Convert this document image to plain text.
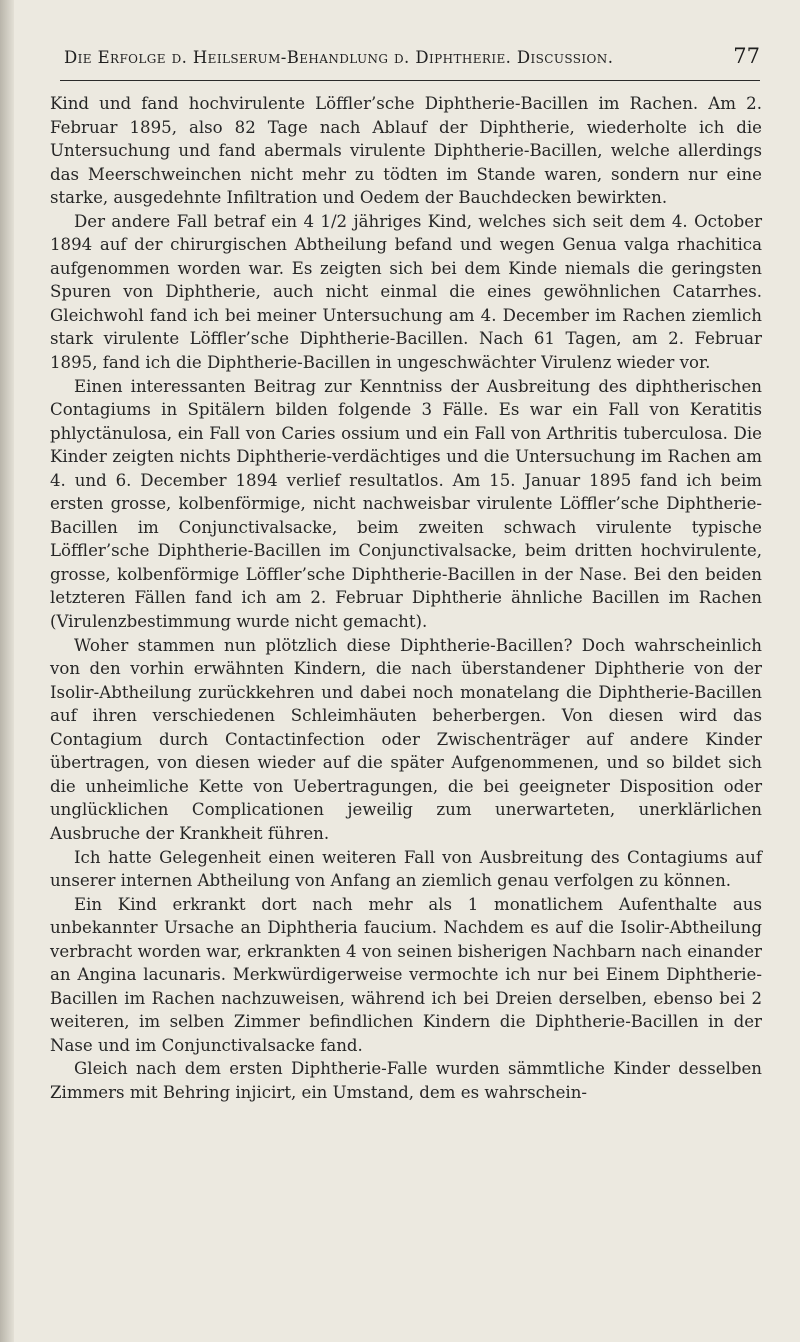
Die Erfolge d. Heilserum-Behandlung d. Diphtherie. Discussion.	77

Kind und fand hochvirulente Löffler’sche Diphtherie-Bacillen im Rachen. Am 2. Februar 1895, also 82 Tage nach Ablauf der Diphtherie, wiederholte ich die Untersuchung und fand abermals virulente Diphtherie-Bacillen, welche allerdings das Meerschweinchen nicht mehr zu tödten im Stande waren, sondern nur eine starke, ausgedehnte Infiltration und Oedem der Bauchdecken bewirkten.

Der andere Fall betraf ein 4 1/2 jähriges Kind, welches sich seit dem 4. October 1894 auf der chirurgischen Abtheilung befand und wegen Genua valga rhachitica aufgenommen worden war. Es zeigten sich bei dem Kinde niemals die geringsten Spuren von Diphtherie, auch nicht einmal die eines gewöhnlichen Catarrhes. Gleichwohl fand ich bei meiner Untersuchung am 4. December im Rachen ziemlich stark virulente Löffler’sche Diphtherie-Bacillen. Nach 61 Tagen, am 2. Februar 1895, fand ich die Diphtherie-Bacillen in ungeschwächter Virulenz wieder vor.

Einen interessanten Beitrag zur Kenntniss der Ausbreitung des diphtherischen Contagiums in Spitälern bilden folgende 3 Fälle. Es war ein Fall von Keratitis phlyctänulosa, ein Fall von Caries ossium und ein Fall von Arthritis tuberculosa. Die Kinder zeigten nichts Diphtherie-verdächtiges und die Untersuchung im Rachen am 4. und 6. December 1894 verlief resultatlos. Am 15. Januar 1895 fand ich beim ersten grosse, kolbenförmige, nicht nachweisbar virulente Löffler’sche Diphtherie-Bacillen im Conjunctivalsacke, beim zweiten schwach virulente typische Löffler’sche Diphtherie-Bacillen im Conjunctivalsacke, beim dritten hochvirulente, grosse, kolbenförmige Löffler’sche Diphtherie-Bacillen in der Nase. Bei den beiden letzteren Fällen fand ich am 2. Februar Diphtherie ähnliche Bacillen im Rachen (Virulenzbestimmung wurde nicht gemacht).

Woher stammen nun plötzlich diese Diphtherie-Bacillen? Doch wahrscheinlich von den vorhin erwähnten Kindern, die nach überstandener Diphtherie von der Isolir-Abtheilung zurückkehren und dabei noch monatelang die Diphtherie-Bacillen auf ihren verschiedenen Schleimhäuten beherbergen. Von diesen wird das Contagium durch Contactinfection oder Zwischenträger auf andere Kinder übertragen, von diesen wieder auf die später Aufgenommenen, und so bildet sich die unheimliche Kette von Uebertragungen, die bei geeigneter Disposition oder unglücklichen Complicationen jeweilig zum unerwarteten, unerklärlichen Ausbruche der Krankheit führen.

Ich hatte Gelegenheit einen weiteren Fall von Ausbreitung des Contagiums auf unserer internen Abtheilung von Anfang an ziemlich genau verfolgen zu können.

Ein Kind erkrankt dort nach mehr als 1 monatlichem Aufenthalte aus unbekannter Ursache an Diphtheria faucium. Nachdem es auf die Isolir-Abtheilung verbracht worden war, erkrankten 4 von seinen bisherigen Nachbarn nach einander an Angina lacunaris. Merkwürdigerweise vermochte ich nur bei Einem Diphtherie-Bacillen im Rachen nachzuweisen, während ich bei Dreien derselben, ebenso bei 2 weiteren, im selben Zimmer befindlichen Kindern die Diphtherie-Bacillen in der Nase und im Conjunctivalsacke fand.

Gleich nach dem ersten Diphtherie-Falle wurden sämmtliche Kinder desselben Zimmers mit Behring injicirt, ein Umstand, dem es wahrschein-
